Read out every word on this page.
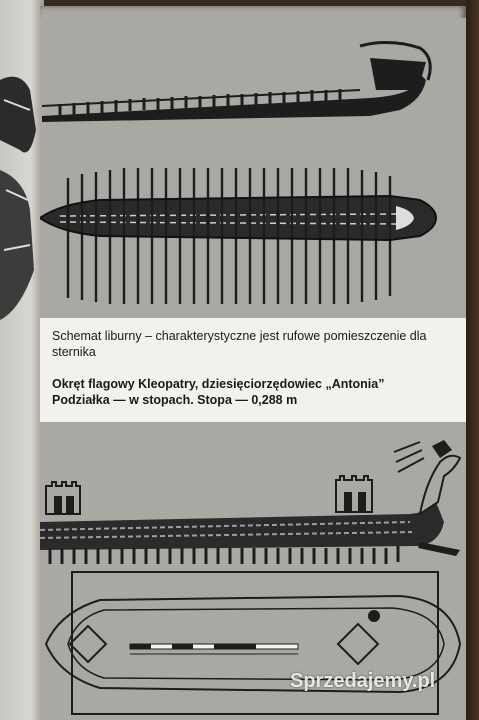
Schemat liburny – charakterystyczne jest rufowe pomieszczenie dla sternika

Okręt flagowy Kleopatry, dziesięciorzędowiec „Antonia”

Podziałka — w stopach. Stopa — 0,288 m

Sprzedajemy.pl
